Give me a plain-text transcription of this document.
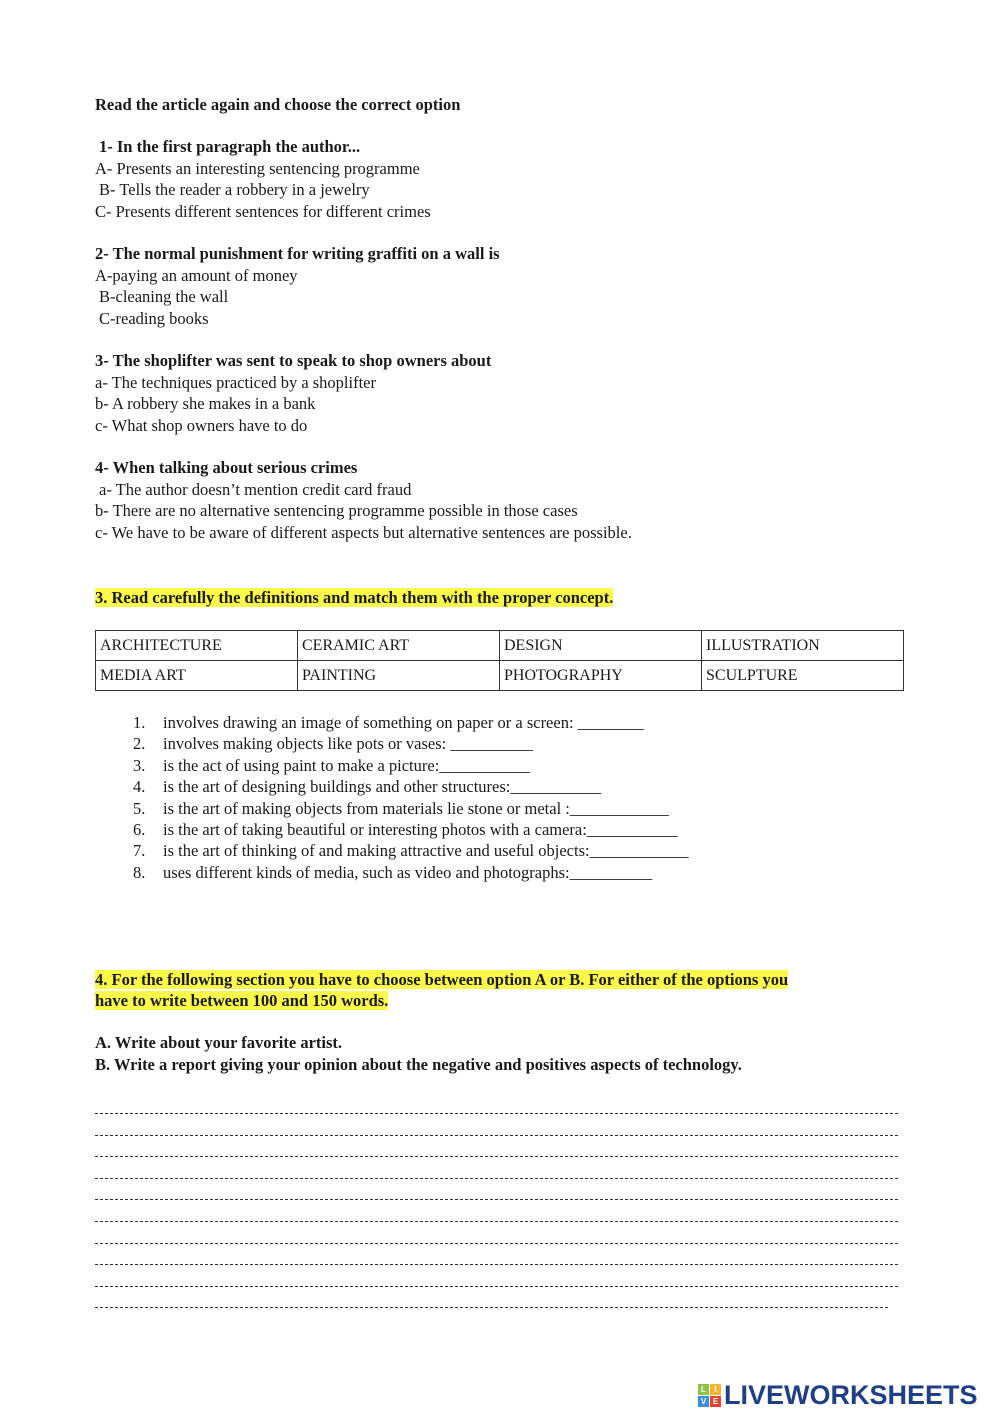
Read the article again and choose the correct option
1- In the first paragraph the author...
A- Presents an interesting sentencing programme
B- Tells the reader a robbery in a jewelry
C- Presents different sentences for different crimes
2- The normal punishment for writing graffiti on a wall is
A-paying an amount of money
B-cleaning the wall
C-reading books
3- The shoplifter was sent to speak to shop owners about
a- The techniques practiced by a shoplifter
b- A robbery she makes in a bank
c- What shop owners have to do
4- When talking about serious crimes
a- The author doesn’t mention credit card fraud
b- There are no alternative sentencing programme possible in those cases
c- We have to be aware of different aspects but alternative sentences are possible.
3. Read carefully the definitions and match them with the proper concept.
ARCHITECTURE	CERAMIC ART	DESIGN	ILLUSTRATION
MEDIA ART	PAINTING	PHOTOGRAPHY	SCULPTURE
1. involves drawing an image of something on paper or a screen: ________
2. involves making objects like pots or vases: __________
3. is the act of using paint to make a picture:___________
4. is the art of designing buildings and other structures:___________
5. is the art of making objects from materials lie stone or metal :____________
6. is the art of taking beautiful or interesting photos with a camera:___________
7. is the art of thinking of and making attractive and useful objects:____________
8. uses different kinds of media, such as video and photographs:__________
4. For the following section you have to choose between option A or B. For either of the options you
have to write between 100 and 150 words.
A. Write about your favorite artist.
B. Write a report giving your opinion about the negative and positives aspects of technology.
L	I
V E LIVEWORKSHEETS
